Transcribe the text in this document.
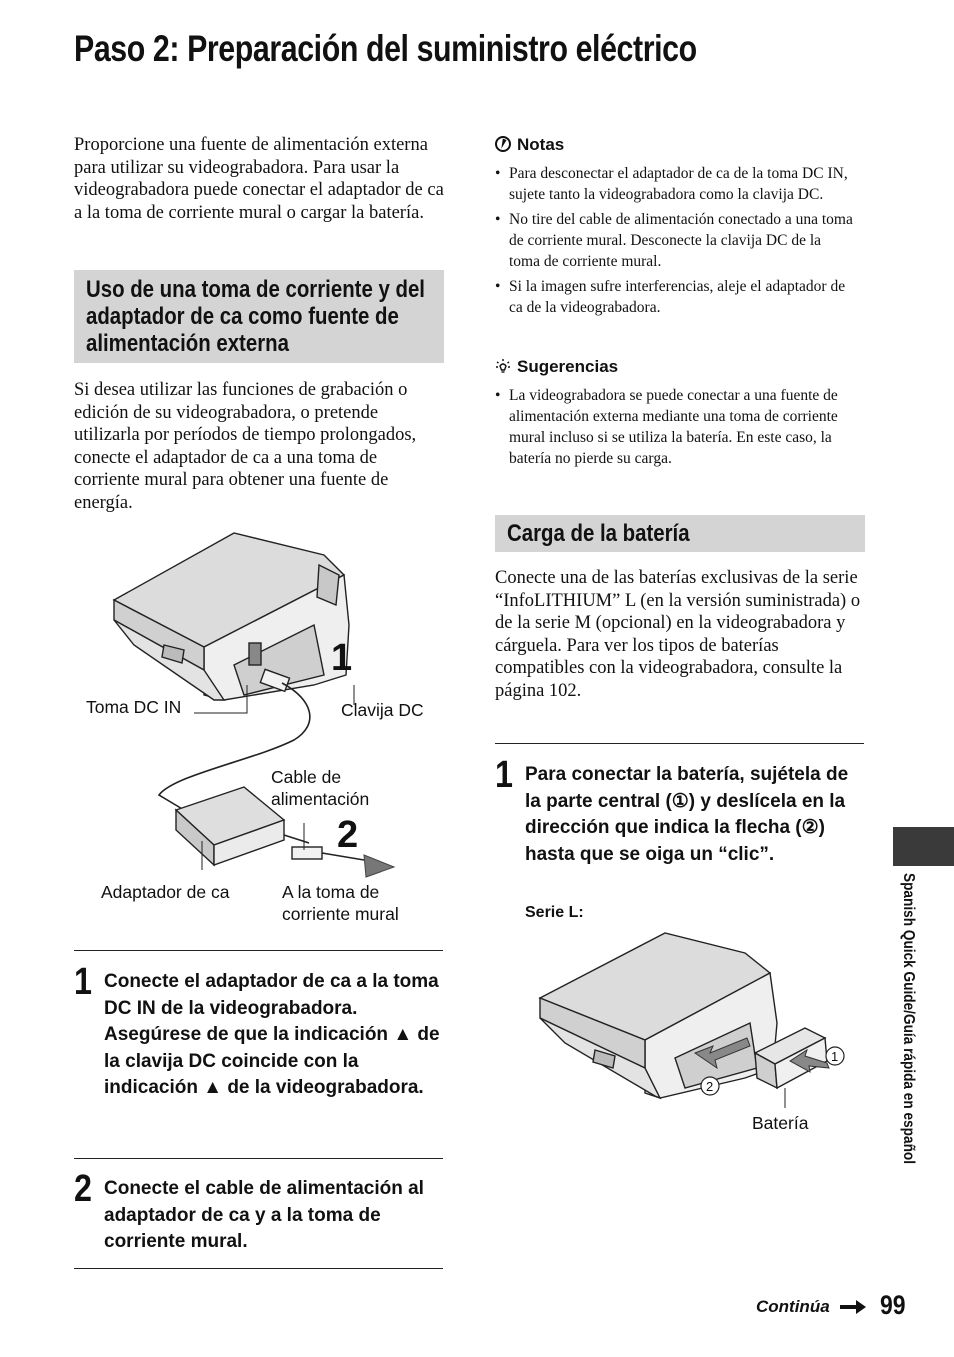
Paso 2: Preparación del suministro eléctrico

Proporcione una fuente de alimentación externa para utilizar su videograbadora. Para usar la videograbadora puede conectar el adaptador de ca a la toma de corriente mural o cargar la batería.

Uso de una toma de corriente y del adaptador de ca como fuente de alimentación externa

Si desea utilizar las funciones de grabación o edición de su videograbadora, o pretende utilizarla por períodos de tiempo prolongados, conecte el adaptador de ca a una toma de corriente mural para obtener una fuente de energía.

1
2
Toma DC IN	Clavija DC
Cable de
alimentación
Adaptador de ca	A la toma de
corriente mural
1 Conecte el adaptador de ca a la toma DC IN de la videograbadora. Asegúrese de que la indicación ▲ de la clavija DC coincide con la indicación ▲ de la videograbadora.
2 Conecte el cable de alimentación al adaptador de ca y a la toma de corriente mural.
Notas
• Para desconectar el adaptador de ca de la toma DC IN, sujete tanto la videograbadora como la clavija DC.
• No tire del cable de alimentación conectado a una toma de corriente mural. Desconecte la clavija DC de la toma de corriente mural.
• Si la imagen sufre interferencias, aleje el adaptador de ca de la videograbadora.
Sugerencias
• La videograbadora se puede conectar a una fuente de alimentación externa mediante una toma de corriente mural incluso si se utiliza la batería. En este caso, la batería no pierde su carga.
Carga de la batería

Conecte una de las baterías exclusivas de la serie “InfoLITHIUM” L (en la versión suministrada) o de la serie M (opcional) en la videograbadora y cárguela. Para ver los tipos de baterías compatibles con la videograbadora, consulte la página 102.

1 Para conectar la batería, sujétela de la parte central (①) y deslícela en la dirección que indica la flecha (②) hasta que se oiga un “clic”.
Serie L:
1
2
Batería	Spanish Quick Guide/Guía rápida en español
Continúa 99
